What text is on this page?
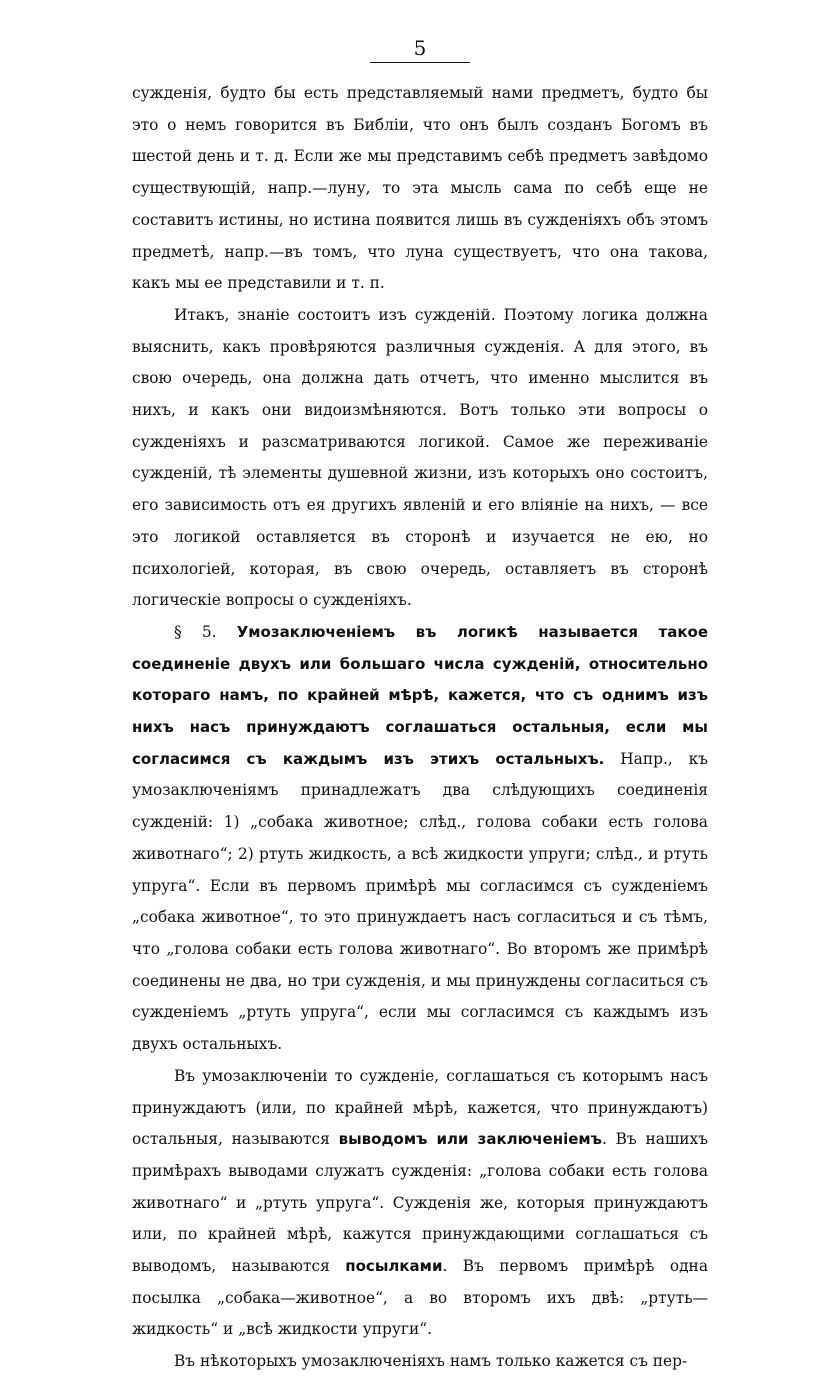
5

сужденія, будто бы есть представляемый нами предметъ, будто бы это о немъ говорится въ Библіи, что онъ былъ созданъ Богомъ въ шестой день и т. д. Если же мы представимъ себѣ предметъ завѣдомо существующій, напр.—луну, то эта мысль сама по себѣ еще не составитъ истины, но истина появится лишь въ сужденіяхъ объ этомъ предметѣ, напр.—въ томъ, что луна существуетъ, что она такова, какъ мы ее представили и т. п.

Итакъ, знаніе состоитъ изъ сужденій. Поэтому логика должна выяснить, какъ провѣряются различныя сужденія. А для этого, въ свою очередь, она должна дать отчетъ, что именно мыслится въ нихъ, и какъ они видоизмѣняются. Вотъ только эти вопросы о сужденіяхъ и разсматриваются логикой. Самое же переживаніе сужденій, тѣ элементы душевной жизни, изъ которыхъ оно состоитъ, его зависимость отъ ея другихъ явленій и его вліяніе на нихъ, — все это логикой оставляется въ сторонѣ и изучается не ею, но психологіей, которая, въ свою очередь, оставляетъ въ сторонѣ логическіе вопросы о сужденіяхъ.

§ 5. Умозаключеніемъ въ логикѣ называется такое соединеніе двухъ или большаго числа сужденій, относительно котораго намъ, по крайней мѣрѣ, кажется, что съ однимъ изъ нихъ насъ принуждаютъ соглашаться остальныя, если мы согласимся съ каждымъ изъ этихъ остальныхъ. Напр., къ умозаключеніямъ принадлежатъ два слѣдующихъ соединенія сужденій: 1) „собака животное; слѣд., голова собаки есть голова животнаго“; 2) ртуть жидкость, а всѣ жидкости упруги; слѣд., и ртуть упруга“. Если въ первомъ примѣрѣ мы согласимся съ сужденіемъ „собака животное“, то это принуждаетъ насъ согласиться и съ тѣмъ, что „голова собаки есть голова животнаго“. Во второмъ же примѣрѣ соединены не два, но три сужденія, и мы принуждены согласиться съ сужденіемъ „ртуть упруга“, если мы согласимся съ каждымъ изъ двухъ остальныхъ.

Въ умозаключеніи то сужденіе, соглашаться съ которымъ насъ принуждаютъ (или, по крайней мѣрѣ, кажется, что принуждаютъ) остальныя, называются выводомъ или заключеніемъ. Въ нашихъ примѣрахъ выводами служатъ сужденія: „голова собаки есть голова животнаго“ и „ртуть упруга“. Сужденія же, которыя принуждаютъ или, по крайней мѣрѣ, кажутся принуждающими соглашаться съ выводомъ, называются посылками. Въ первомъ примѣрѣ одна посылка „собака—животное“, а во второмъ ихъ двѣ: „ртуть—жидкость“ и „всѣ жидкости упруги“.

Въ нѣкоторыхъ умозаключеніяхъ намъ только кажется съ пер-
